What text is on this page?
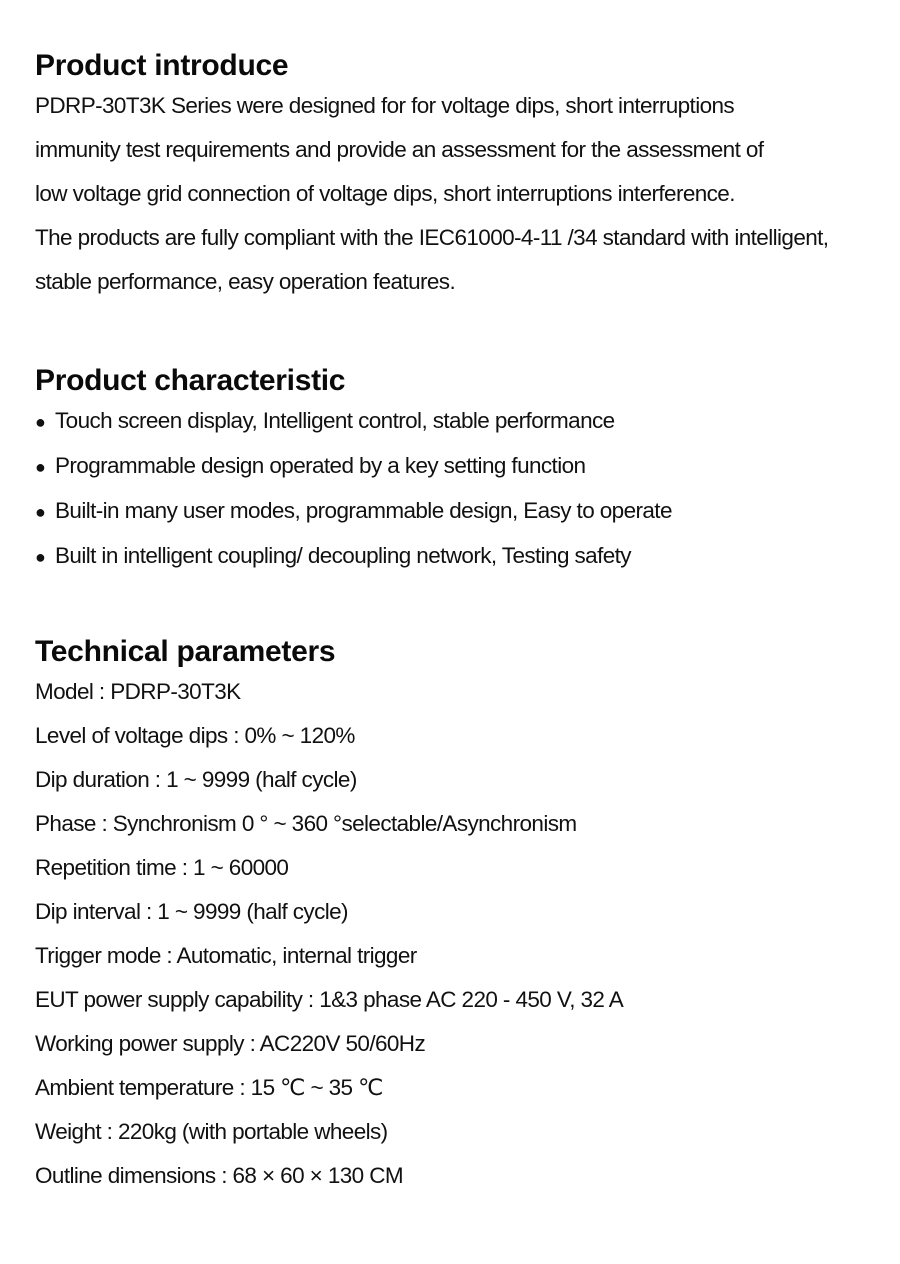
Product introduce
PDRP-30T3K Series were designed for for voltage dips, short interruptions
immunity test requirements and provide an assessment for the assessment of
low voltage grid connection of voltage dips, short interruptions interference.
The products are fully compliant with the IEC61000-4-11 /34 standard with intelligent,
stable performance, easy operation features.
Product characteristic
● Touch screen display, Intelligent control, stable performance
● Programmable design operated by a key setting function
● Built-in many user modes, programmable design, Easy to operate
● Built in intelligent coupling/ decoupling network, Testing safety
Technical parameters
Model : PDRP-30T3K
Level of voltage dips : 0% ~ 120%
Dip duration : 1 ~ 9999 (half cycle)
Phase : Synchronism 0 ° ~ 360 °selectable/Asynchronism
Repetition time : 1 ~ 60000
Dip interval : 1 ~ 9999 (half cycle)
Trigger mode : Automatic, internal trigger
EUT power supply capability : 1&3 phase AC 220 - 450 V, 32 A
Working power supply : AC220V 50/60Hz
Ambient temperature : 15 ℃ ~ 35 ℃
Weight : 220kg (with portable wheels)
Outline dimensions : 68 × 60 × 130 CM
